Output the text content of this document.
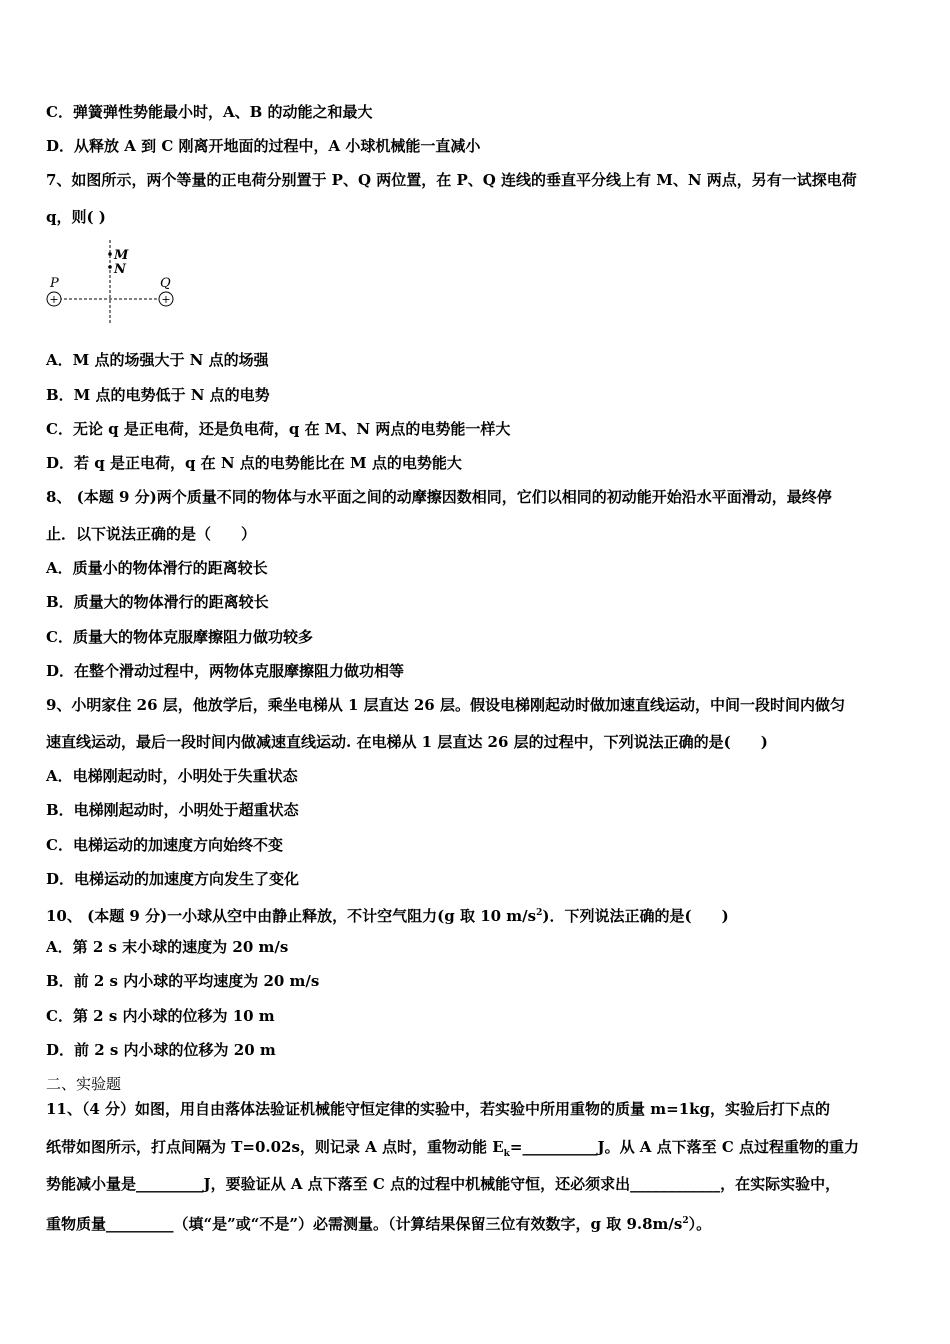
C．弹簧弹性势能最小时，A、B 的动能之和最大
D．从释放 A 到 C 刚离开地面的过程中，A 小球机械能一直减小
7、如图所示，两个等量的正电荷分别置于 P、Q 两位置，在 P、Q 连线的垂直平分线上有 M、N 两点，另有一试探电荷
q，则( )
+	+
M
N
P	Q
A．M 点的场强大于 N 点的场强
B．M 点的电势低于 N 点的电势
C．无论 q 是正电荷，还是负电荷，q 在 M、N 两点的电势能一样大
D．若 q 是正电荷，q 在 N 点的电势能比在 M 点的电势能大
8、 (本题 9 分)两个质量不同的物体与水平面之间的动摩擦因数相同，它们以相同的初动能开始沿水平面滑动，最终停
止．以下说法正确的是（　　）
A．质量小的物体滑行的距离较长
B．质量大的物体滑行的距离较长
C．质量大的物体克服摩擦阻力做功较多
D．在整个滑动过程中，两物体克服摩擦阻力做功相等
9、小明家住 26 层，他放学后，乘坐电梯从 1 层直达 26 层。假设电梯刚起动时做加速直线运动，中间一段时间内做匀
速直线运动，最后一段时间内做减速直线运动. 在电梯从 1 层直达 26 层的过程中，下列说法正确的是(　　)
A．电梯刚起动时，小明处于失重状态
B．电梯刚起动时，小明处于超重状态
C．电梯运动的加速度方向始终不变
D．电梯运动的加速度方向发生了变化
10、 (本题 9 分)一小球从空中由静止释放，不计空气阻力(g 取 10 $m/s^2$)．下列说法正确的是(　　)
A．第 2 s 末小球的速度为 20 m/s
B．前 2 s 内小球的平均速度为 20 m/s
C．第 2 s 内小球的位移为 10 m
D．前 2 s 内小球的位移为 20 m
二、实验题
11、（4 分）如图，用自由落体法验证机械能守恒定律的实验中，若实验中所用重物的质量 m=1kg，实验后打下点的
纸带如图所示，打点间隔为 T=0.02s，则记录 A 点时，重物动能 $E_k=\_\_\_\_\_\_\_\_\_\_J$。从 A 点下落至 C 点过程重物的重力
势能减小量是_________J，要验证从 A 点下落至 C 点的过程中机械能守恒，还必须求出____________，在实际实验中，
重物质量_________（填“是”或“不是”）必需测量。（计算结果保留三位有效数字，g 取 $9.8m/s^2$）。
